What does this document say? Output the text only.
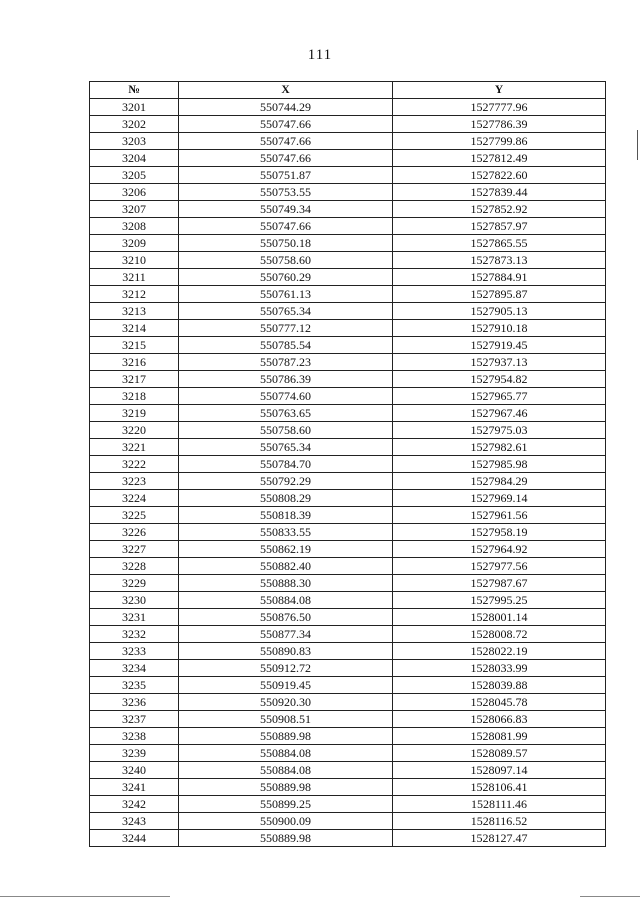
111
№	X	Y
3201	550744.29	1527777.96
3202	550747.66	1527786.39
3203	550747.66	1527799.86
3204	550747.66	1527812.49
3205	550751.87	1527822.60
3206	550753.55	1527839.44
3207	550749.34	1527852.92
3208	550747.66	1527857.97
3209	550750.18	1527865.55
3210	550758.60	1527873.13
3211	550760.29	1527884.91
3212	550761.13	1527895.87
3213	550765.34	1527905.13
3214	550777.12	1527910.18
3215	550785.54	1527919.45
3216	550787.23	1527937.13
3217	550786.39	1527954.82
3218	550774.60	1527965.77
3219	550763.65	1527967.46
3220	550758.60	1527975.03
3221	550765.34	1527982.61
3222	550784.70	1527985.98
3223	550792.29	1527984.29
3224	550808.29	1527969.14
3225	550818.39	1527961.56
3226	550833.55	1527958.19
3227	550862.19	1527964.92
3228	550882.40	1527977.56
3229	550888.30	1527987.67
3230	550884.08	1527995.25
3231	550876.50	1528001.14
3232	550877.34	1528008.72
3233	550890.83	1528022.19
3234	550912.72	1528033.99
3235	550919.45	1528039.88
3236	550920.30	1528045.78
3237	550908.51	1528066.83
3238	550889.98	1528081.99
3239	550884.08	1528089.57
3240	550884.08	1528097.14
3241	550889.98	1528106.41
3242	550899.25	1528111.46
3243	550900.09	1528116.52
3244	550889.98	1528127.47
